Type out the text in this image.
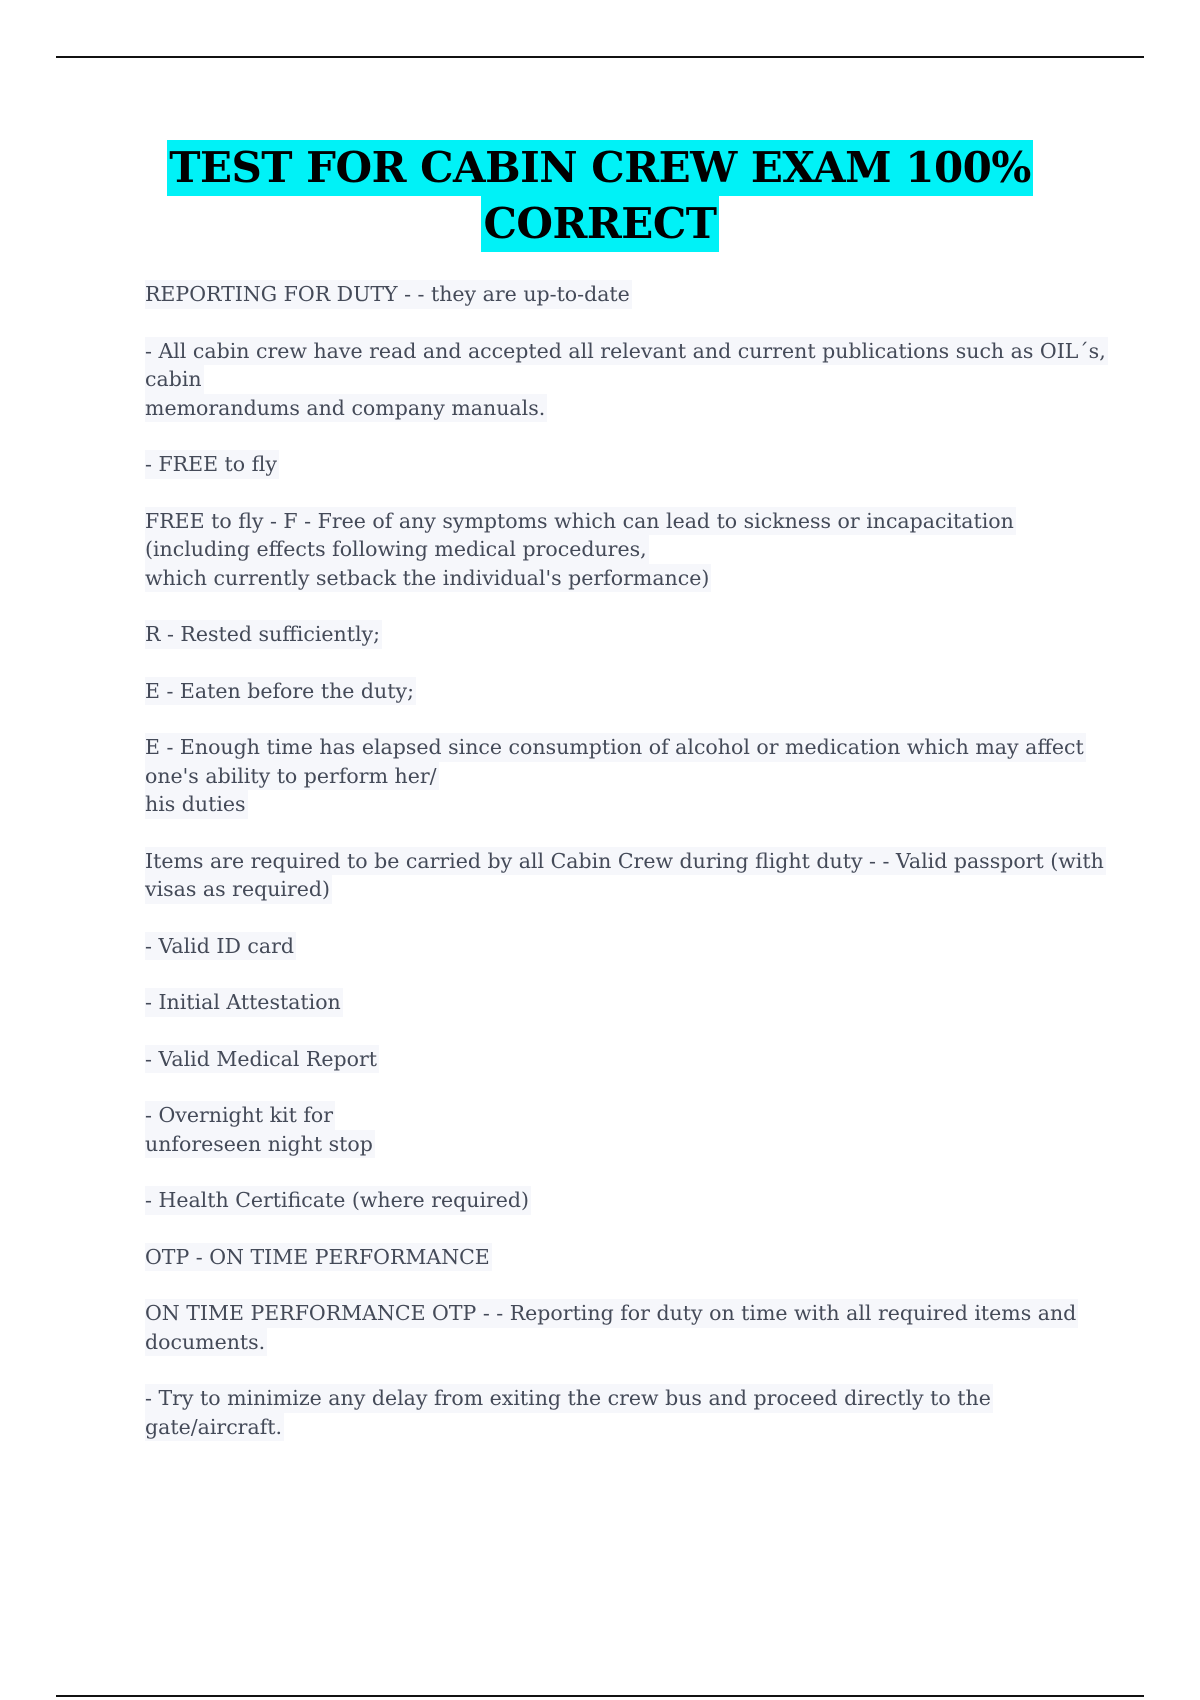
TEST FOR CABIN CREW EXAM 100%
CORRECT
REPORTING FOR DUTY - - they are up-to-date
- All cabin crew have read and accepted all relevant and current publications such as OIL´s,
cabin
memorandums and company manuals.
- FREE to fly
FREE to fly - F - Free of any symptoms which can lead to sickness or incapacitation
(including effects following medical procedures,
which currently setback the individual's performance)
R - Rested sufficiently;
E - Eaten before the duty;
E - Enough time has elapsed since consumption of alcohol or medication which may affect
one's ability to perform her/
his duties
Items are required to be carried by all Cabin Crew during flight duty - - Valid passport (with
visas as required)
- Valid ID card
- Initial Attestation
- Valid Medical Report
- Overnight kit for
unforeseen night stop
- Health Certificate (where required)
OTP - ON TIME PERFORMANCE
ON TIME PERFORMANCE OTP - - Reporting for duty on time with all required items and
documents.
- Try to minimize any delay from exiting the crew bus and proceed directly to the
gate/aircraft.
